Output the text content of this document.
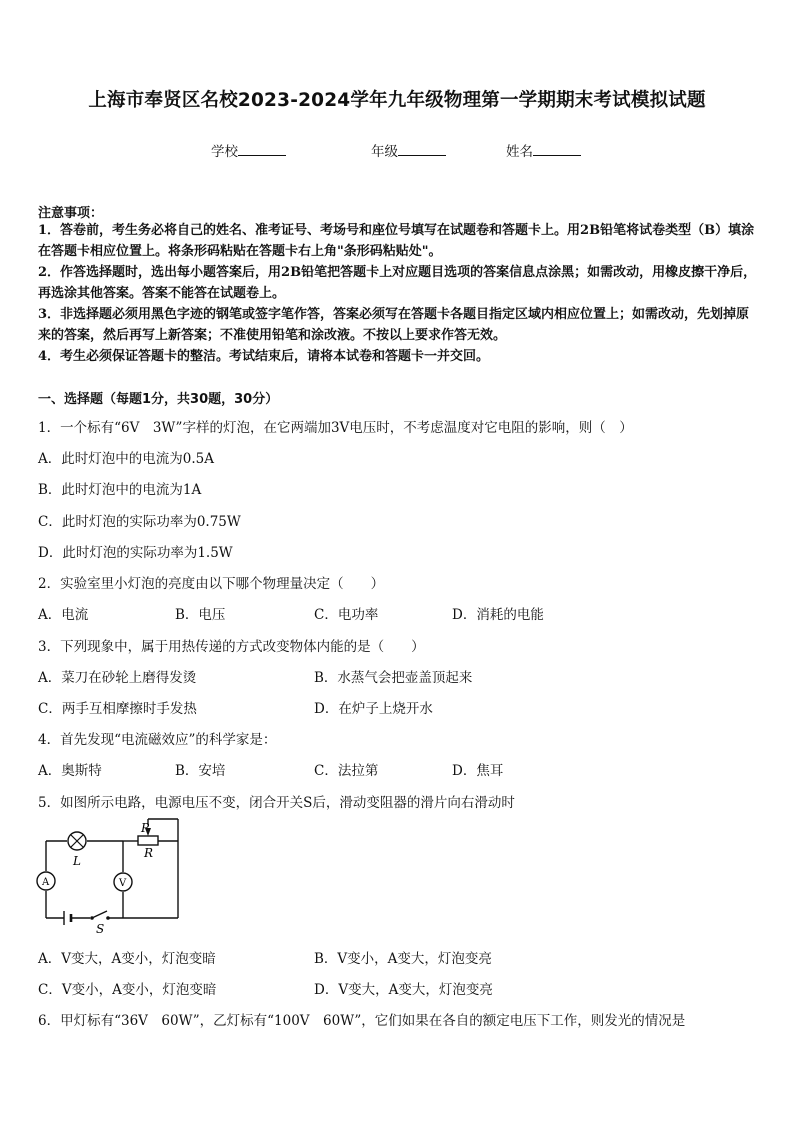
上海市奉贤区名校2023-2024学年九年级物理第一学期期末考试模拟试题
学校	年级	姓名
注意事项：
1．答卷前，考生务必将自己的姓名、准考证号、考场号和座位号填写在试题卷和答题卡上。用2B铅笔将试卷类型（B）填涂在答题卡相应位置上。将条形码粘贴在答题卡右上角"条形码粘贴处"。
2．作答选择题时，选出每小题答案后，用2B铅笔把答题卡上对应题目选项的答案信息点涂黑；如需改动，用橡皮擦干净后，再选涂其他答案。答案不能答在试题卷上。
3．非选择题必须用黑色字迹的钢笔或签字笔作答，答案必须写在答题卡各题目指定区域内相应位置上；如需改动，先划掉原来的答案，然后再写上新答案；不准使用铅笔和涂改液。不按以上要求作答无效。
4．考生必须保证答题卡的整洁。考试结束后，请将本试卷和答题卡一并交回。
一、选择题（每题1分，共30题，30分）
1．一个标有“6V　3W”字样的灯泡，在它两端加3V电压时，不考虑温度对它电阻的影响，则（　）
A．此时灯泡中的电流为0.5A
B．此时灯泡中的电流为1A
C．此时灯泡的实际功率为0.75W
D．此时灯泡的实际功率为1.5W
2．实验室里小灯泡的亮度由以下哪个物理量决定（　　）
A．电流	B．电压	C．电功率	D．消耗的电能
3．下列现象中，属于用热传递的方式改变物体内能的是（　　）
A．菜刀在砂轮上磨得发烫	B．水蒸气会把壶盖顶起来
C．两手互相摩擦时手发热	D．在炉子上烧开水
4．首先发现“电流磁效应”的科学家是：
A．奥斯特	B．安培	C．法拉第	D．焦耳
5．如图所示电路，电源电压不变，闭合开关S后，滑动变阻器的滑片向右滑动时
P
R
L
A	V
S
A．V变大，A变小，灯泡变暗	B．V变小，A变大，灯泡变亮
C．V变小，A变小，灯泡变暗	D．V变大，A变大，灯泡变亮
6．甲灯标有“36V　60W”，乙灯标有“100V　60W”，它们如果在各自的额定电压下工作，则发光的情况是
